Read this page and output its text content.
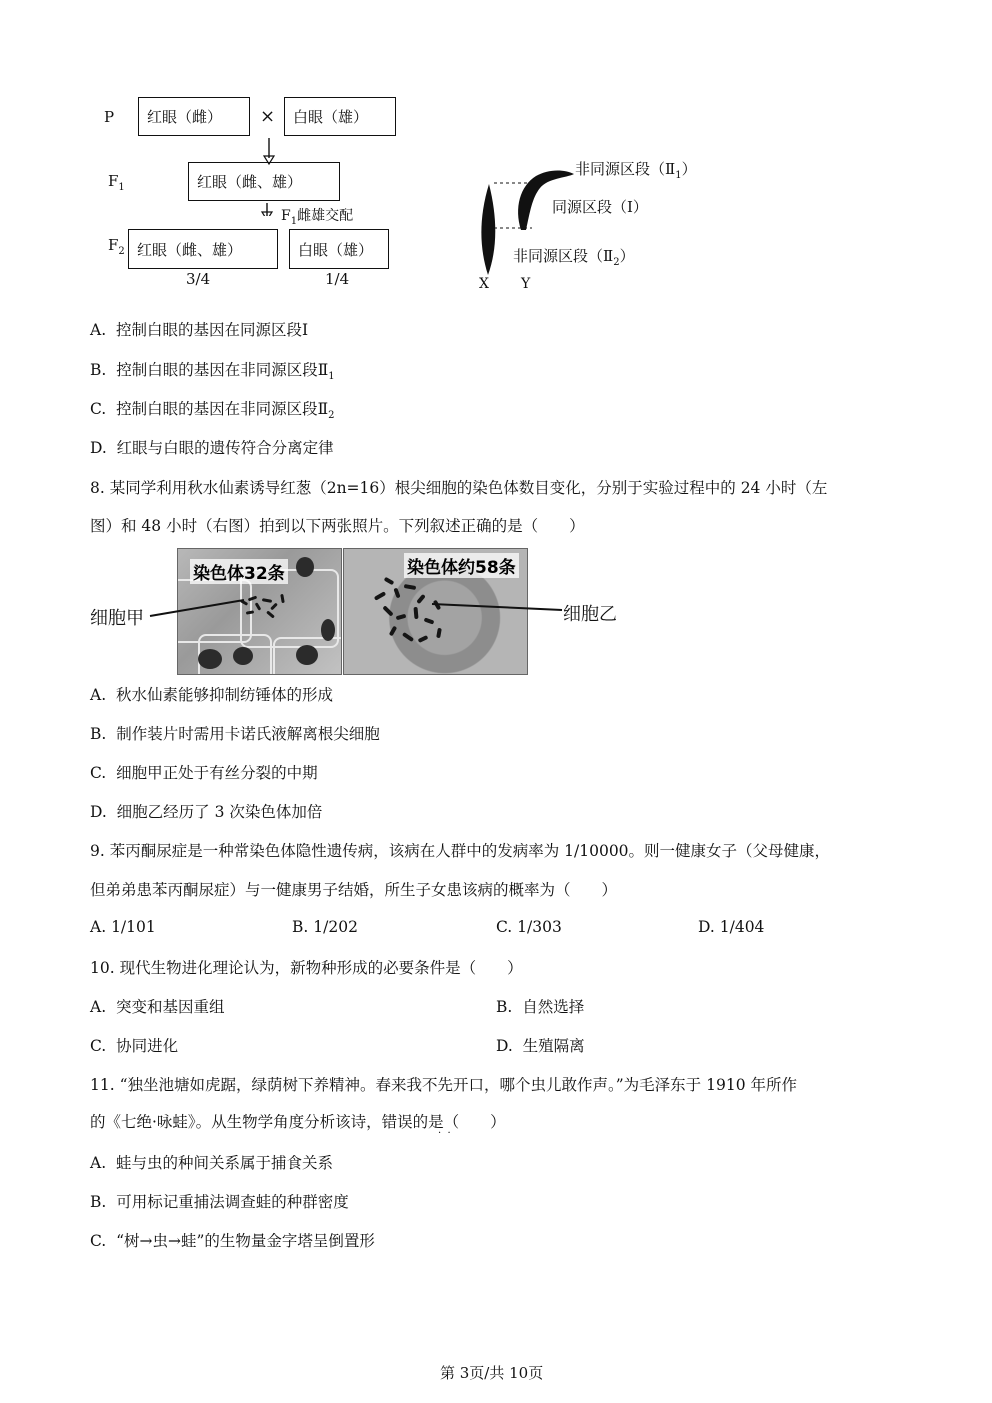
P 红眼（雌） × 白眼（雄）
$F_1$	红眼（雌、雄）
$F_1$雌雄交配
$F_2$ 红眼（雌、雄）	白眼（雄）
3/4	1/4
非同源区段$(Ⅱ_1)$
同源区段（Ⅰ）
非同源区段$(Ⅱ_2)$
X Y
A. 控制白眼的基因在同源区段Ⅰ
B. 控制白眼的基因在非同源区段$Ⅱ_1$
C. 控制白眼的基因在非同源区段$Ⅱ_2$
D. 红眼与白眼的遗传符合分离定律
8. 某同学利用秋水仙素诱导红葱（2n=16）根尖细胞的染色体数目变化，分别于实验过程中的 24 小时（左
图）和 48 小时（右图）拍到以下两张照片。下列叙述正确的是（　　）
染色体32条	染色体约58条
细胞甲	细胞乙
A. 秋水仙素能够抑制纺锤体的形成
B. 制作装片时需用卡诺氏液解离根尖细胞
C. 细胞甲正处于有丝分裂的中期
D. 细胞乙经历了 3 次染色体加倍
9. 苯丙酮尿症是一种常染色体隐性遗传病，该病在人群中的发病率为 1/10000。则一健康女子（父母健康，
但弟弟患苯丙酮尿症）与一健康男子结婚，所生子女患该病的概率为（　　）
A. 1/101	B. 1/202	C. 1/303	D. 1/404
10. 现代生物进化理论认为，新物种形成的必要条件是（　　）
A. 突变和基因重组	B. 自然选择
C. 协同进化	D. 生殖隔离
11. “独坐池塘如虎踞，绿荫树下养精神。春来我不先开口，哪个虫儿敢作声。”为毛泽东于 1910 年所作
的《七绝·咏蛙》。从生物学角度分析该诗，错误的是（　　）
·  ·
A. 蛙与虫的种间关系属于捕食关系
B. 可用标记重捕法调查蛙的种群密度
C. “树→虫→蛙”的生物量金字塔呈倒置形
第 3页/共 10页
